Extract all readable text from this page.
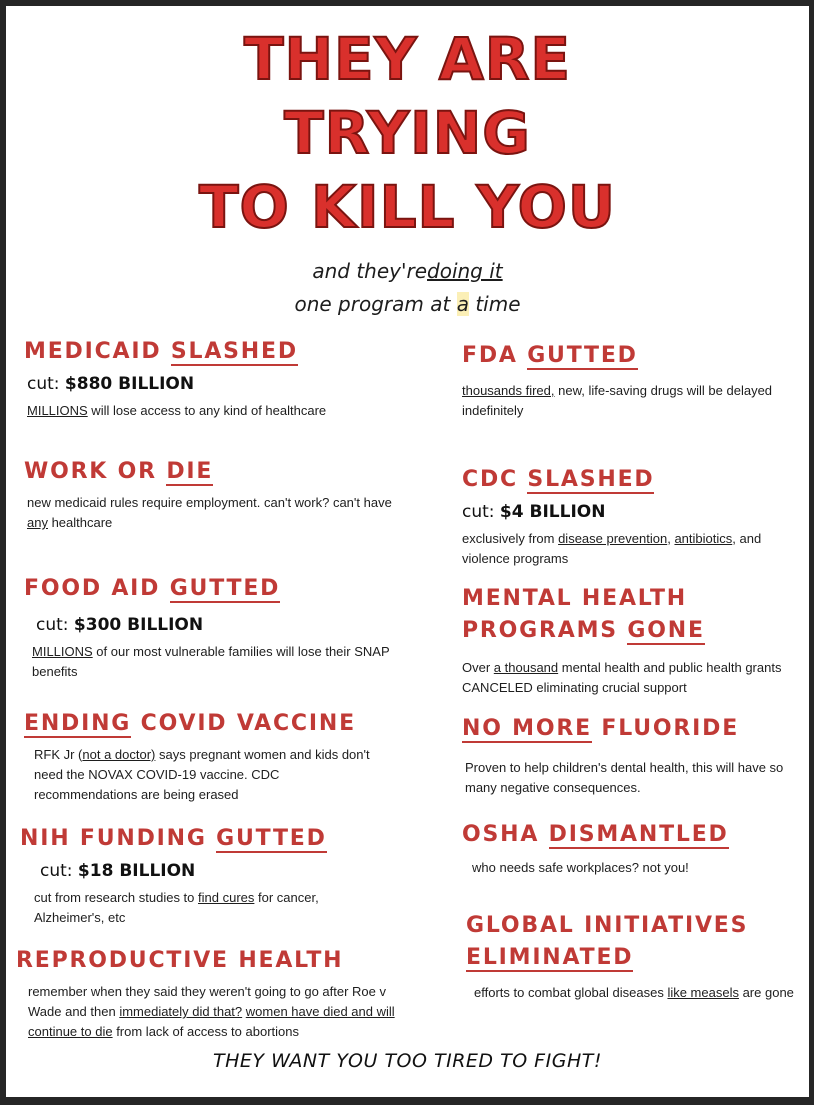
THEY ARE
TRYING
TO KILL YOU
and they'redoing it
one program at a time
MEDICAID SLASHED
cut: $880 BILLION
MILLIONS will lose access to any kind of healthcare
WORK OR DIE
new medicaid rules require employment. can't work? can't have any healthcare
FOOD AID GUTTED
cut: $300 BILLION
MILLIONS of our most vulnerable families will lose their SNAP benefits
ENDING COVID VACCINE
RFK Jr (not a doctor) says pregnant women and kids don't need the NOVAX COVID-19 vaccine. CDC recommendations are being erased
NIH FUNDING GUTTED
cut: $18 BILLION
cut from research studies to find cures for cancer, Alzheimer's, etc
REPRODUCTIVE HEALTH
remember when they said they weren't going to go after Roe v Wade and then immediately did that? women have died and will continue to die from lack of access to abortions
FDA GUTTED
thousands fired, new, life-saving drugs will be delayed indefinitely
CDC SLASHED
cut: $4 BILLION
exclusively from disease prevention, antibiotics, and violence programs
MENTAL HEALTH
PROGRAMS GONE
Over a thousand mental health and public health grants CANCELED eliminating crucial support
NO MORE FLUORIDE
Proven to help children's dental health, this will have so many negative consequences.
OSHA DISMANTLED
who needs safe workplaces? not you!
GLOBAL INITIATIVES
ELIMINATED
efforts to combat global diseases like measels are gone
THEY WANT YOU TOO TIRED TO FIGHT!
